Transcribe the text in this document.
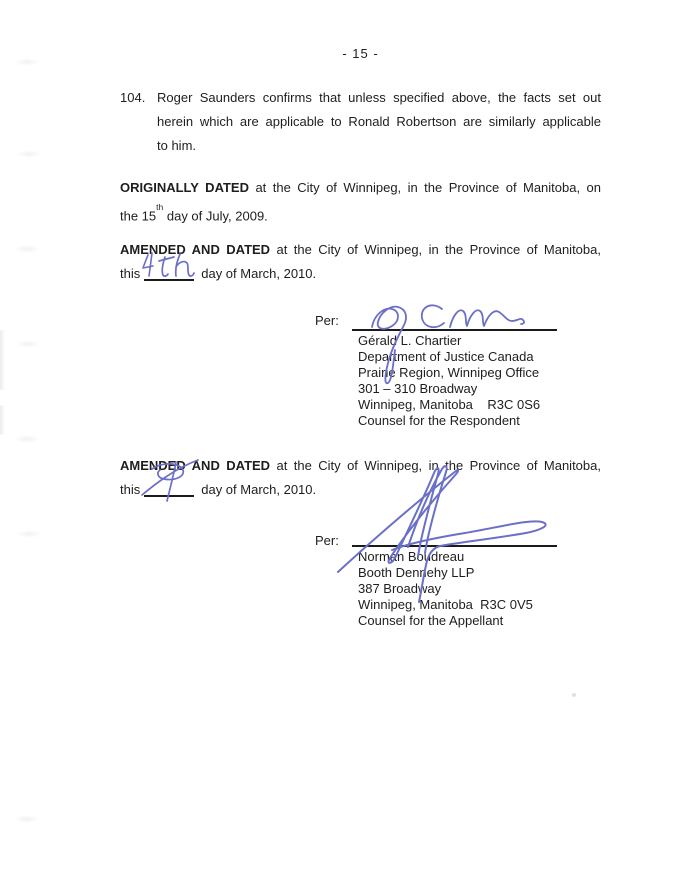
- 15 -
104. Roger Saunders confirms that unless specified above, the facts set out
herein which are applicable to Ronald Robertson are similarly applicable
to him.
ORIGINALLY DATED at the City of Winnipeg, in the Province of Manitoba, on
the 15th day of July, 2009.
AMENDED AND DATED at the City of Winnipeg, in the Province of Manitoba,
this	day of March, 2010.
Per:
Gérald L. Chartier
Department of Justice Canada
Prairie Region, Winnipeg Office
301 – 310 Broadway
Winnipeg, Manitoba    R3C 0S6
Counsel for the Respondent
AMENDED AND DATED at the City of Winnipeg, in the Province of Manitoba,
this	day of March, 2010.
Per:
Norman Boudreau
Booth Dennehy LLP
387 Broadway
Winnipeg, Manitoba  R3C 0V5
Counsel for the Appellant
